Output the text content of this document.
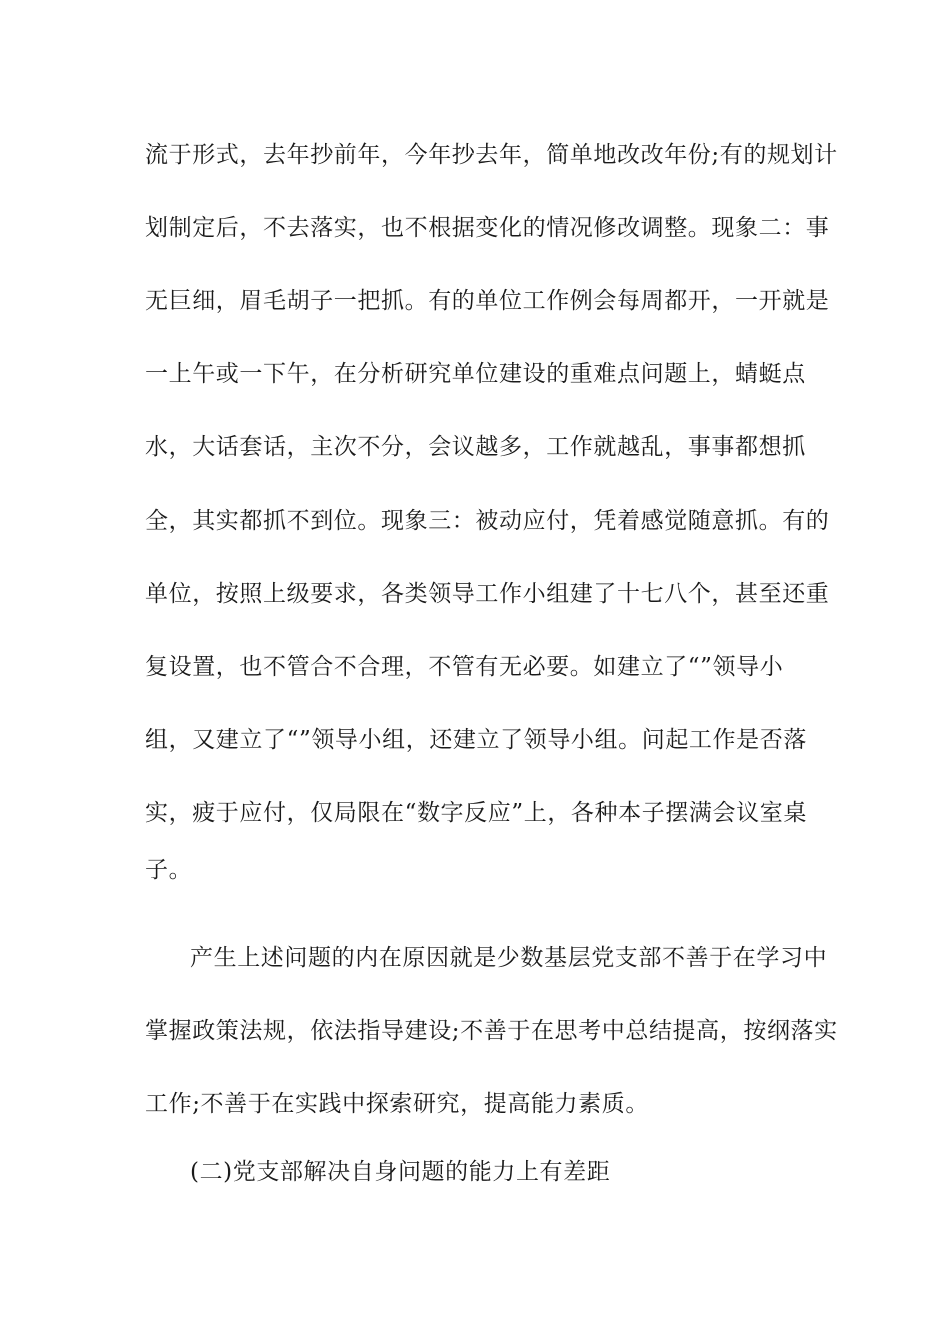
流于形式，去年抄前年，今年抄去年，简单地改改年份;有的规划计
划制定后，不去落实，也不根据变化的情况修改调整。现象二：事
无巨细，眉毛胡子一把抓。有的单位工作例会每周都开，一开就是
一上午或一下午，在分析研究单位建设的重难点问题上，蜻蜓点
水，大话套话，主次不分，会议越多，工作就越乱，事事都想抓
全，其实都抓不到位。现象三：被动应付，凭着感觉随意抓。有的
单位，按照上级要求，各类领导工作小组建了十七八个，甚至还重
复设置，也不管合不合理，不管有无必要。如建立了“”领导小
组，又建立了“”领导小组，还建立了领导小组。问起工作是否落
实，疲于应付，仅局限在“数字反应”上，各种本子摆满会议室桌
子。
产生上述问题的内在原因就是少数基层党支部不善于在学习中
掌握政策法规，依法指导建设;不善于在思考中总结提高，按纲落实
工作;不善于在实践中探索研究，提高能力素质。
(二)党支部解决自身问题的能力上有差距
